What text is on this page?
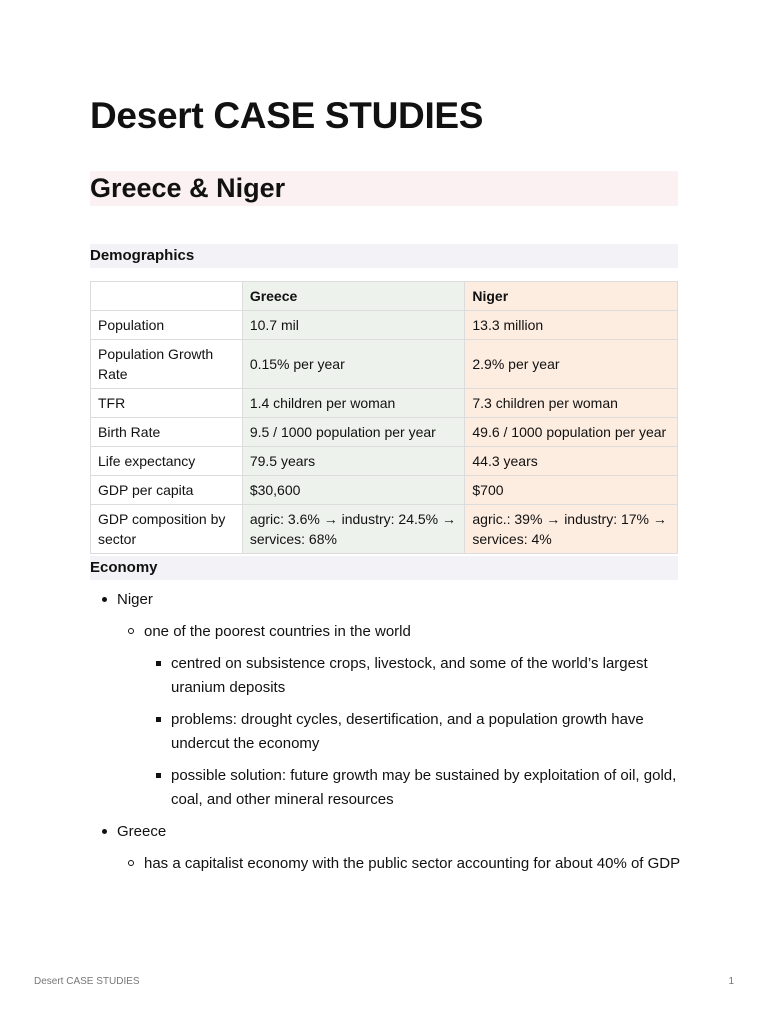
Desert CASE STUDIES
Greece & Niger
Demographics
	Greece	Niger
Population	10.7 mil	13.3 million
Population Growth Rate	0.15% per year	2.9% per year
TFR	1.4 children per woman	7.3 children per woman
Birth Rate	9.5 / 1000 population per year	49.6 / 1000 population per year
Life expectancy	79.5 years	44.3 years
GDP per capita	$30,600	$700
GDP composition by sector	agric: 3.6% → industry: 24.5% → services: 68%	agric.: 39% → industry: 17% → services: 4%
Economy
Niger
one of the poorest countries in the world
centred on subsistence crops, livestock, and some of the world’s largest uranium deposits
problems: drought cycles, desertification, and a population growth have undercut the economy
possible solution: future growth may be sustained by exploitation of oil, gold, coal, and other mineral resources
Greece
has a capitalist economy with the public sector accounting for about 40% of GDP
Desert CASE STUDIES	1
